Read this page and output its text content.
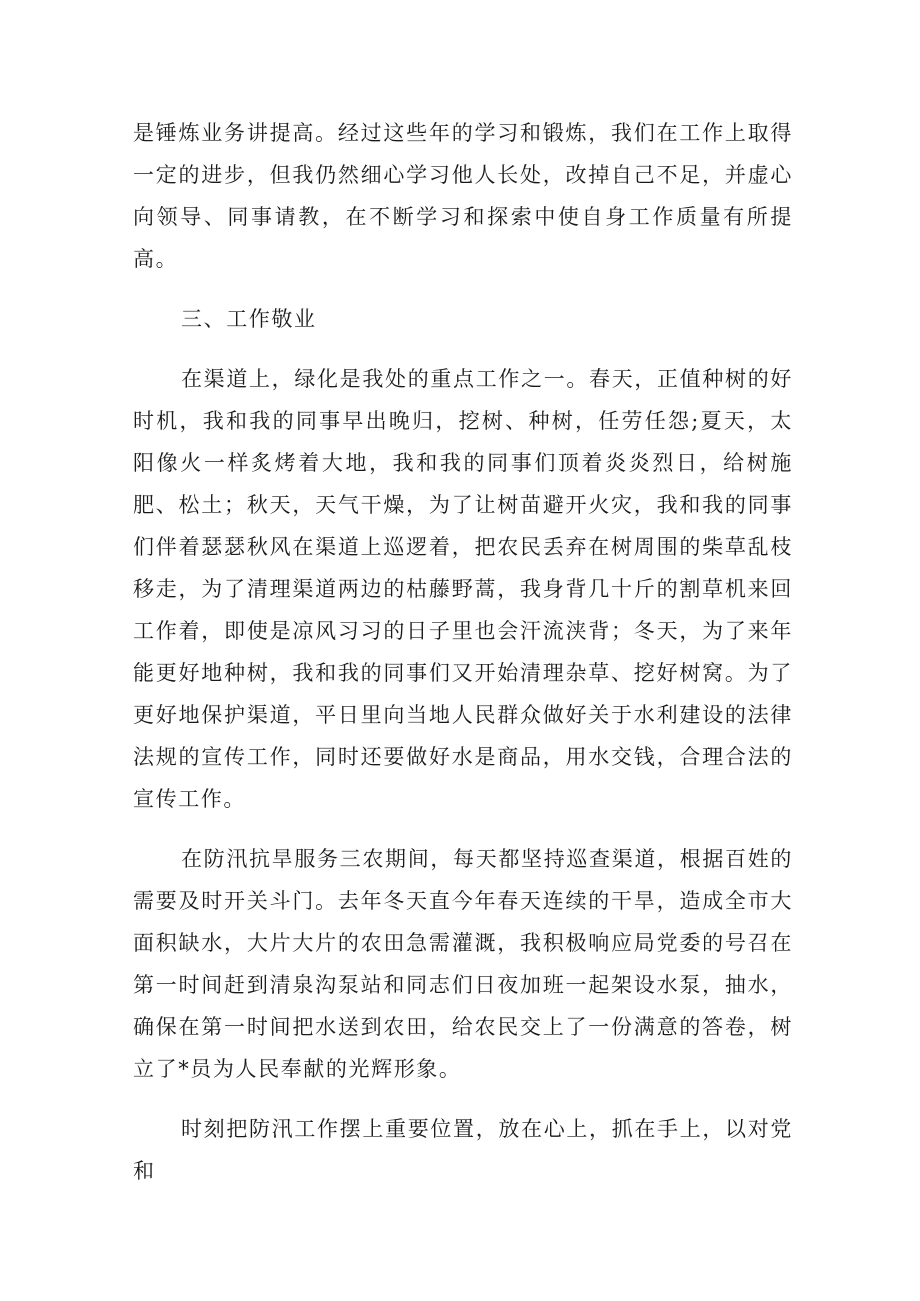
是锤炼业务讲提高。经过这些年的学习和锻炼，我们在工作上取得一定的进步，但我仍然细心学习他人长处，改掉自己不足，并虚心向领导、同事请教，在不断学习和探索中使自身工作质量有所提高。

三、工作敬业

在渠道上，绿化是我处的重点工作之一。春天，正值种树的好时机，我和我的同事早出晚归，挖树、种树，任劳任怨;夏天，太阳像火一样炙烤着大地，我和我的同事们顶着炎炎烈日，给树施肥、松土；秋天，天气干燥，为了让树苗避开火灾，我和我的同事们伴着瑟瑟秋风在渠道上巡逻着，把农民丢弃在树周围的柴草乱枝移走，为了清理渠道两边的枯藤野蒿，我身背几十斤的割草机来回工作着，即使是凉风习习的日子里也会汗流浃背；冬天，为了来年能更好地种树，我和我的同事们又开始清理杂草、挖好树窝。为了更好地保护渠道，平日里向当地人民群众做好关于水利建设的法律法规的宣传工作，同时还要做好水是商品，用水交钱，合理合法的宣传工作。

在防汛抗旱服务三农期间，每天都坚持巡查渠道，根据百姓的需要及时开关斗门。去年冬天直今年春天连续的干旱，造成全市大面积缺水，大片大片的农田急需灌溉，我积极响应局党委的号召在第一时间赶到清泉沟泵站和同志们日夜加班一起架设水泵，抽水，确保在第一时间把水送到农田，给农民交上了一份满意的答卷，树立了*员为人民奉献的光辉形象。

时刻把防汛工作摆上重要位置，放在心上，抓在手上，以对党和
